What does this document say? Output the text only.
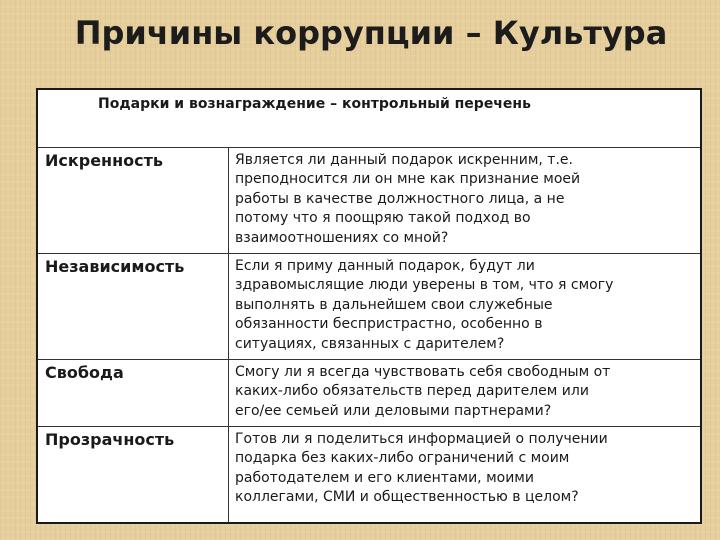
Причины коррупции – Культура
Подарки и вознаграждение – контрольный перечень
Искренность	Является ли данный подарок искренним, т.е.
преподносится ли он мне как признание моей
работы в качестве должностного лица, а не
потому что я поощряю такой подход во
взаимоотношениях со мной?
Независимость	Если я приму данный подарок, будут ли
здравомыслящие люди уверены в том, что я смогу
выполнять в дальнейшем свои служебные
обязанности беспристрастно, особенно в
ситуациях, связанных с дарителем?
Свобода	Смогу ли я всегда чувствовать себя свободным от
каких-либо обязательств перед дарителем или
его/ее семьей или деловыми партнерами?
Прозрачность	Готов ли я поделиться информацией о получении
подарка без каких-либо ограничений с моим
работодателем и его клиентами, моими
коллегами, СМИ и общественностью в целом?
